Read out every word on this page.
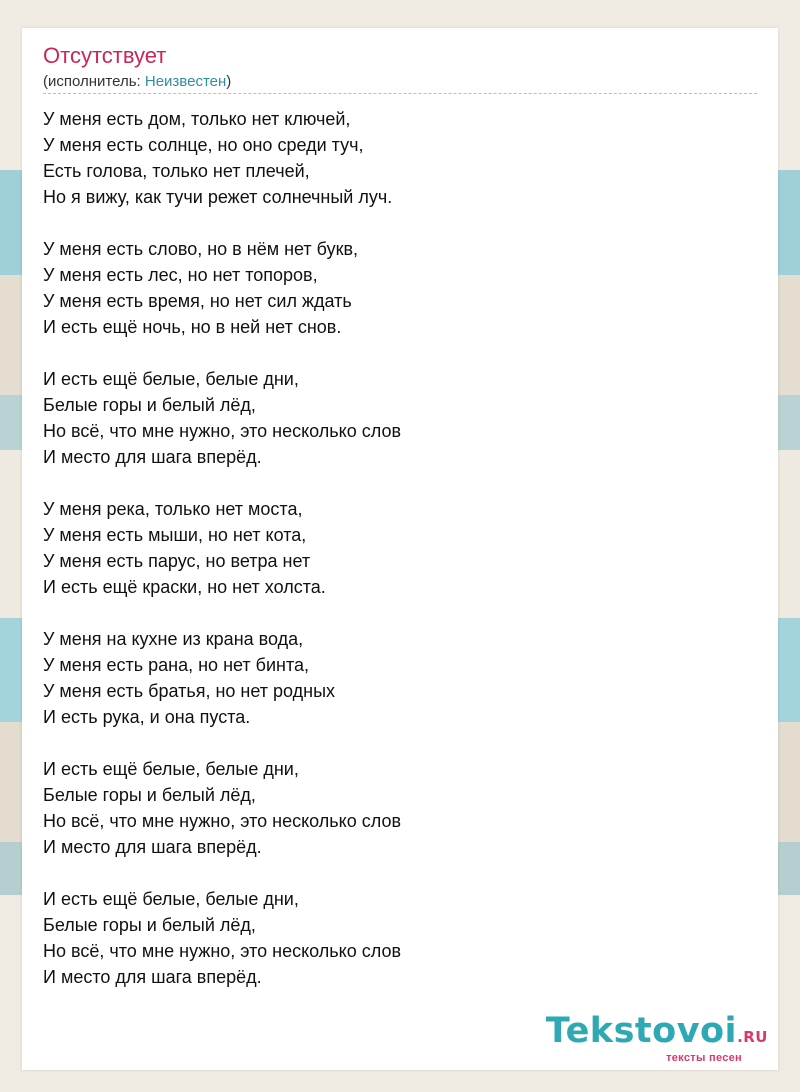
Отсутствует
(исполнитель: Неизвестен)
У меня есть дом, только нет ключей,
У меня есть солнце, но оно среди туч,
Есть голова, только нет плечей,
Но я вижу, как тучи режет солнечный луч.
У меня есть слово, но в нём нет букв,
У меня есть лес, но нет топоров,
У меня есть время, но нет сил ждать
И есть ещё ночь, но в ней нет снов.
И есть ещё белые, белые дни,
Белые горы и белый лёд,
Но всё, что мне нужно, это несколько слов
И место для шага вперёд.
У меня река, только нет моста,
У меня есть мыши, но нет кота,
У меня есть парус, но ветра нет
И есть ещё краски, но нет холста.
У меня на кухне из крана вода,
У меня есть рана, но нет бинта,
У меня есть братья, но нет родных
И есть рука, и она пуста.
И есть ещё белые, белые дни,
Белые горы и белый лёд,
Но всё, что мне нужно, это несколько слов
И место для шага вперёд.
И есть ещё белые, белые дни,
Белые горы и белый лёд,
Но всё, что мне нужно, это несколько слов
И место для шага вперёд.
Tekstovoi.RU
тексты песен
